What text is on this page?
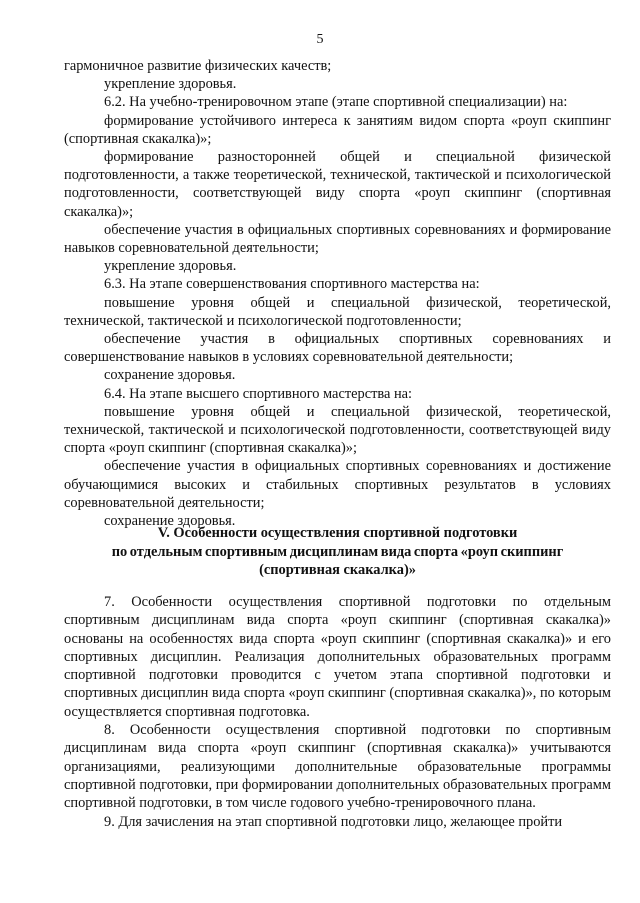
5

гармоничное развитие физических качеств;

укрепление здоровья.

6.2. На учебно-тренировочном этапе (этапе спортивной специализации) на:

формирование устойчивого интереса к занятиям видом спорта «роуп скиппинг (спортивная скакалка)»;

формирование разносторонней общей и специальной физической подготовленности, а также теоретической, технической, тактической и психологической подготовленности, соответствующей виду спорта «роуп скиппинг (спортивная скакалка)»;

обеспечение участия в официальных спортивных соревнованиях и формирование навыков соревновательной деятельности;

укрепление здоровья.

6.3. На этапе совершенствования спортивного мастерства на:

повышение уровня общей и специальной физической, теоретической, технической, тактической и психологической подготовленности;

обеспечение участия в официальных спортивных соревнованиях и совершенствование навыков в условиях соревновательной деятельности;

сохранение здоровья.

6.4. На этапе высшего спортивного мастерства на:

повышение уровня общей и специальной физической, теоретической, технической, тактической и психологической подготовленности, соответствующей виду спорта «роуп скиппинг (спортивная скакалка)»;

обеспечение участия в официальных спортивных соревнованиях и достижение обучающимися высоких и стабильных спортивных результатов в условиях соревновательной деятельности;

сохранение здоровья.

V. Особенности осуществления спортивной подготовки

по отдельным спортивным дисциплинам вида спорта «роуп скиппинг

(спортивная скакалка)»

7. Особенности осуществления спортивной подготовки по отдельным спортивным дисциплинам вида спорта «роуп скиппинг (спортивная скакалка)» основаны на особенностях вида спорта «роуп скиппинг (спортивная скакалка)» и его спортивных дисциплин. Реализация дополнительных образовательных программ спортивной подготовки проводится с учетом этапа спортивной подготовки и спортивных дисциплин вида спорта «роуп скиппинг (спортивная скакалка)», по которым осуществляется спортивная подготовка.

8. Особенности осуществления спортивной подготовки по спортивным дисциплинам вида спорта «роуп скиппинг (спортивная скакалка)» учитываются организациями, реализующими дополнительные образовательные программы спортивной подготовки, при формировании дополнительных образовательных программ спортивной подготовки, в том числе годового учебно-тренировочного плана.

9. Для зачисления на этап спортивной подготовки лицо, желающее пройти
